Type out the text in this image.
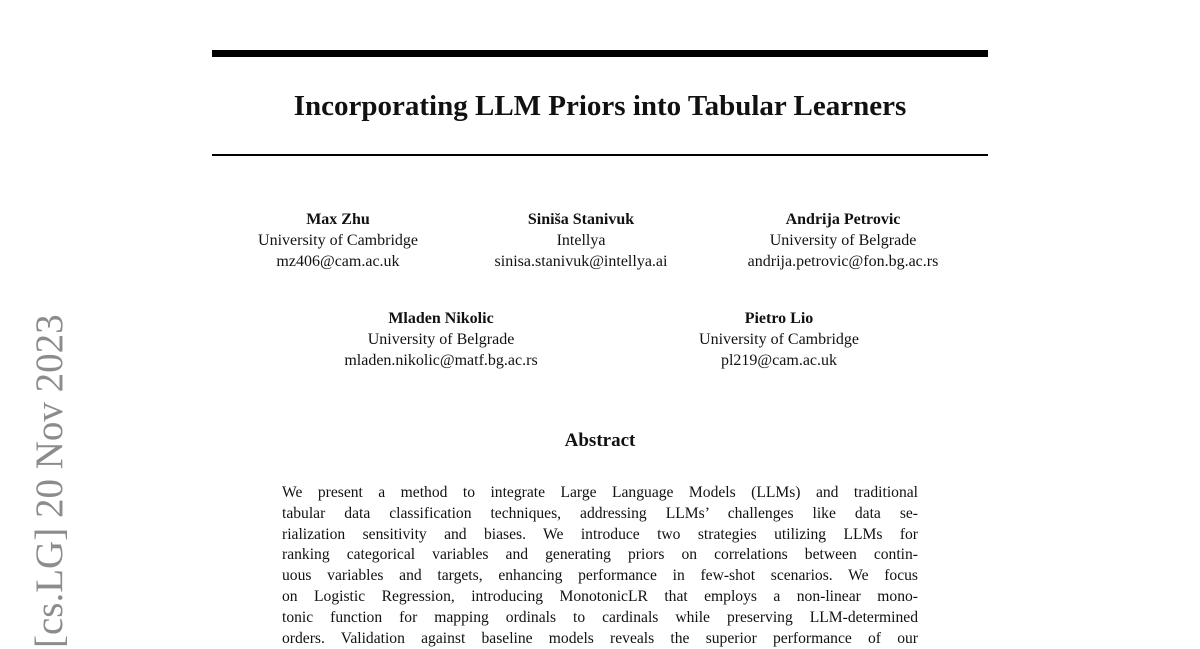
Incorporating LLM Priors into Tabular Learners
Max Zhu
University of Cambridge
mz406@cam.ac.uk
Siniša Stanivuk
Intellya
sinisa.stanivuk@intellya.ai
Andrija Petrovic
University of Belgrade
andrija.petrovic@fon.bg.ac.rs
Mladen Nikolic
University of Belgrade
mladen.nikolic@matf.bg.ac.rs
Pietro Lio
University of Cambridge
pl219@cam.ac.uk
Abstract
We present a method to integrate Large Language Models (LLMs) and traditional
tabular data classification techniques, addressing LLMs’ challenges like data se-
rialization sensitivity and biases. We introduce two strategies utilizing LLMs for
ranking categorical variables and generating priors on correlations between contin-
uous variables and targets, enhancing performance in few-shot scenarios. We focus
on Logistic Regression, introducing MonotonicLR that employs a non-linear mono-
tonic function for mapping ordinals to cardinals while preserving LLM-determined
orders. Validation against baseline models reveals the superior performance of our
[cs.LG] 20 Nov 2023
